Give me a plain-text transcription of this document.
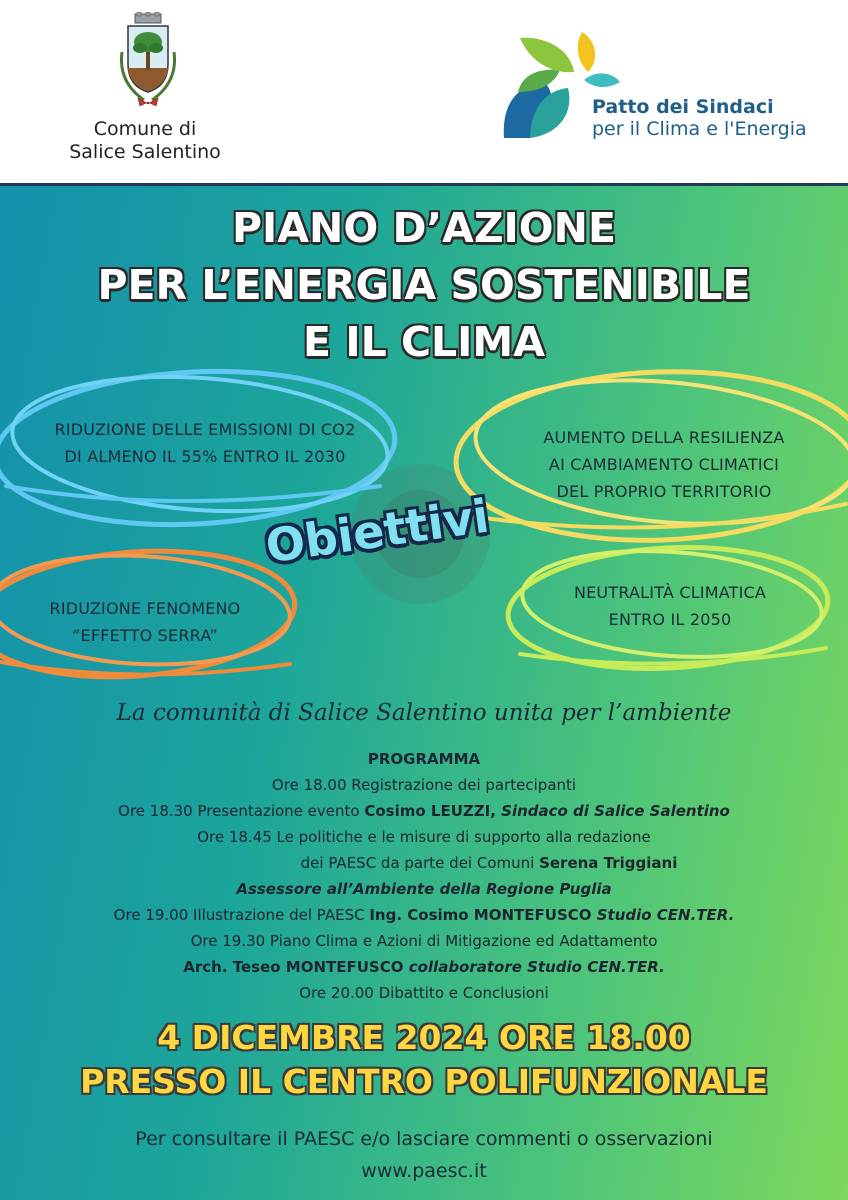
Comune di
Salice Salentino
Patto dei Sindaci
per il Clima e l'Energia
PIANO D’AZIONE
PER L’ENERGIA SOSTENIBILE
E IL CLIMA
RIDUZIONE DELLE EMISSIONI DI CO2
DI ALMENO IL 55% ENTRO IL 2030
AUMENTO DELLA RESILIENZA
AI CAMBIAMENTO CLIMATICI
DEL PROPRIO TERRITORIO
RIDUZIONE FENOMENO
“EFFETTO SERRA”
NEUTRALITÀ CLIMATICA
ENTRO IL 2050
Obiettivi
La comunità di Salice Salentino unita per l’ambiente
PROGRAMMA
Ore 18.00 Registrazione dei partecipanti
Ore 18.30 Presentazione evento Cosimo LEUZZI, Sindaco di Salice Salentino
Ore 18.45 Le politiche e le misure di supporto alla redazione
dei PAESC da parte dei Comuni Serena Triggiani
Assessore all’Ambiente della Regione Puglia
Ore 19.00 Illustrazione del PAESC Ing. Cosimo MONTEFUSCO Studio CEN.TER.
Ore 19.30 Piano Clima e Azioni di Mitigazione ed Adattamento
Arch. Teseo MONTEFUSCO collaboratore Studio CEN.TER.
Ore 20.00 Dibattito e Conclusioni
4 DICEMBRE 2024 ORE 18.00
PRESSO IL CENTRO POLIFUNZIONALE
Per consultare il PAESC e/o lasciare commenti o osservazioni
www.paesc.it
